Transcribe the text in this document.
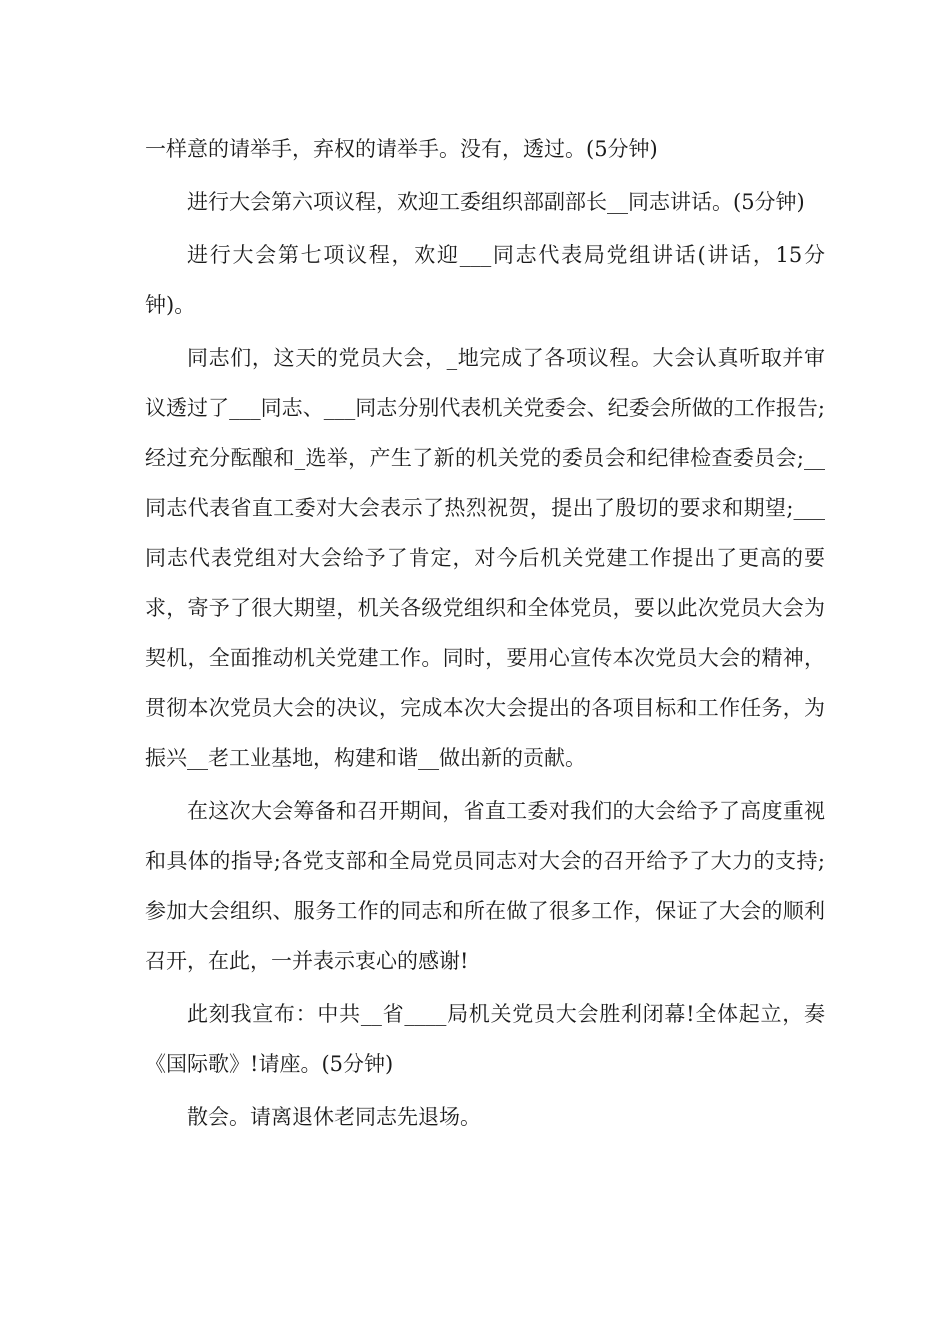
一样意的请举手，弃权的请举手。没有，透过。(5分钟)

进行大会第六项议程，欢迎工委组织部副部长__同志讲话。(5分钟)

进行大会第七项议程，欢迎___同志代表局党组讲话(讲话，15分钟)。

同志们，这天的党员大会，_地完成了各项议程。大会认真听取并审议透过了___同志、___同志分别代表机关党委会、纪委会所做的工作报告;经过充分酝酿和_选举，产生了新的机关党的委员会和纪律检查委员会;__同志代表省直工委对大会表示了热烈祝贺，提出了殷切的要求和期望;___同志代表党组对大会给予了肯定，对今后机关党建工作提出了更高的要求，寄予了很大期望，机关各级党组织和全体党员，要以此次党员大会为契机，全面推动机关党建工作。同时，要用心宣传本次党员大会的精神，贯彻本次党员大会的决议，完成本次大会提出的各项目标和工作任务，为振兴__老工业基地，构建和谐__做出新的贡献。

在这次大会筹备和召开期间，省直工委对我们的大会给予了高度重视和具体的指导;各党支部和全局党员同志对大会的召开给予了大力的支持;参加大会组织、服务工作的同志和所在做了很多工作，保证了大会的顺利召开，在此，一并表示衷心的感谢!

此刻我宣布：中共__省____局机关党员大会胜利闭幕!全体起立，奏《国际歌》!请座。(5分钟)

散会。请离退休老同志先退场。
